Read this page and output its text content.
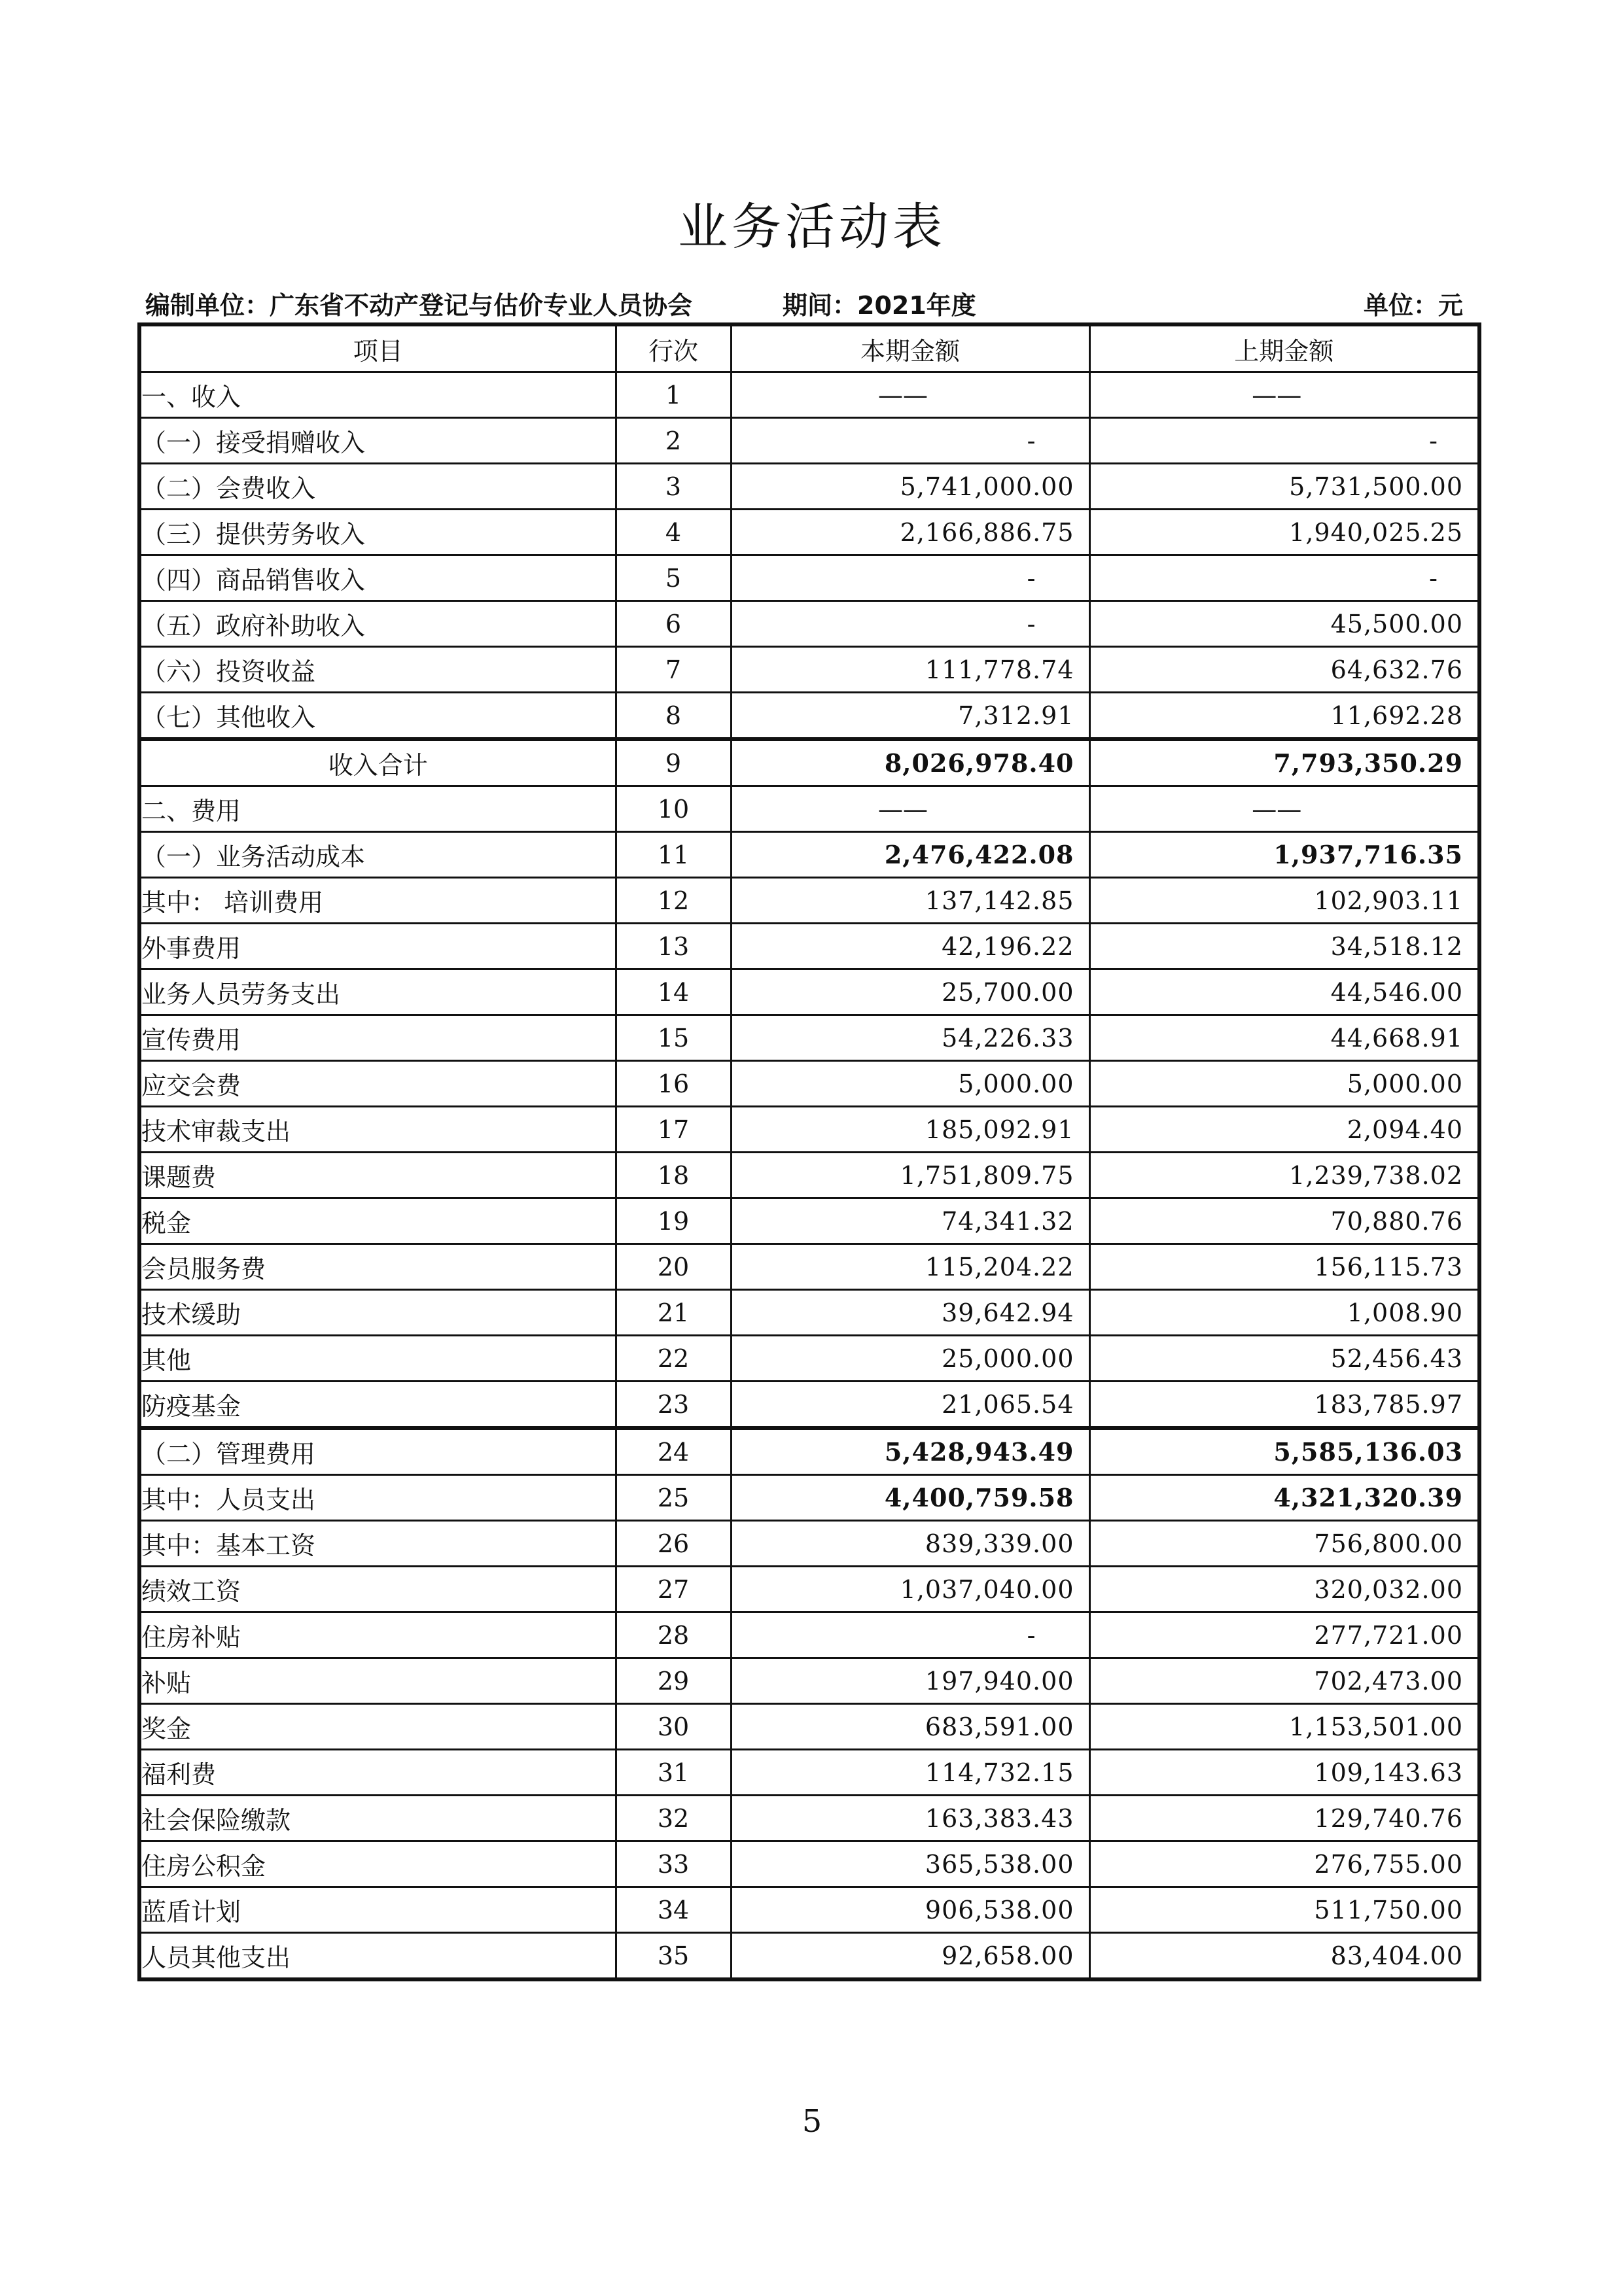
业务活动表
编制单位：广东省不动产登记与估价专业人员协会	期间：2021年度	单位：元
项目	行次	本期金额	上期金额
一、收入	1	——	——
（一）接受捐赠收入	2	-	-
（二）会费收入	3	5,741,000.00	5,731,500.00
（三）提供劳务收入	4	2,166,886.75	1,940,025.25
（四）商品销售收入	5	-	-
（五）政府补助收入	6	-	45,500.00
（六）投资收益	7	111,778.74	64,632.76
（七）其他收入	8	7,312.91	11,692.28
收入合计	9	8,026,978.40	7,793,350.29
二、费用	10	——	——
（一）业务活动成本	11	2,476,422.08	1,937,716.35
其中： 培训费用	12	137,142.85	102,903.11
外事费用	13	42,196.22	34,518.12
业务人员劳务支出	14	25,700.00	44,546.00
宣传费用	15	54,226.33	44,668.91
应交会费	16	5,000.00	5,000.00
技术审裁支出	17	185,092.91	2,094.40
课题费	18	1,751,809.75	1,239,738.02
税金	19	74,341.32	70,880.76
会员服务费	20	115,204.22	156,115.73
技术缓助	21	39,642.94	1,008.90
其他	22	25,000.00	52,456.43
防疫基金	23	21,065.54	183,785.97
（二）管理费用	24	5,428,943.49	5,585,136.03
其中：人员支出	25	4,400,759.58	4,321,320.39
其中：基本工资	26	839,339.00	756,800.00
绩效工资	27	1,037,040.00	320,032.00
住房补贴	28	-	277,721.00
补贴	29	197,940.00	702,473.00
奖金	30	683,591.00	1,153,501.00
福利费	31	114,732.15	109,143.63
社会保险缴款	32	163,383.43	129,740.76
住房公积金	33	365,538.00	276,755.00
蓝盾计划	34	906,538.00	511,750.00
人员其他支出	35	92,658.00	83,404.00
5
